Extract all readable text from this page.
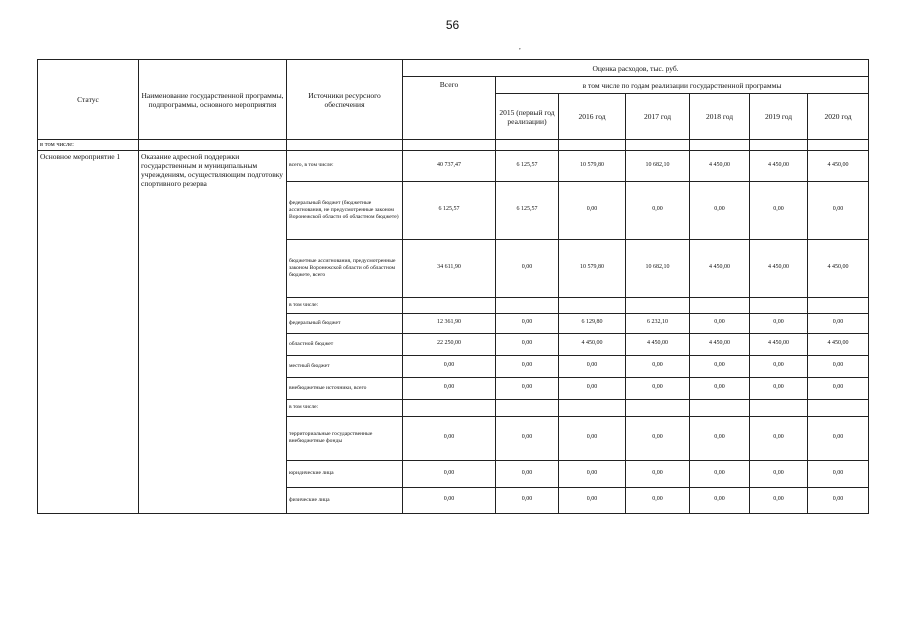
56
,
Статус	Наименование государственной программы, подпрограммы, основного мероприятия	Источники ресурсного обеспечения	Оценка расходов, тыс. руб.						
			Всего	в том числе по годам реализации государственной программы					
				2015 (первый год реализации)	2016 год	2017 год	2018 год	2019 год	2020 год
в том числе:									
Основное мероприятие 1	Оказание адресной поддержки государственным и муниципальным учреждениям, осуществляющим подготовку спортивного резерва	всего, в том числе:	40 737,47	6 125,57	10 579,80	10 682,10	4 450,00	4 450,00	4 450,00
		федеральный бюджет (бюджетные ассигнования, не предусмотренные законом Воронежской области об областном бюджете)	6 125,57	6 125,57	0,00	0,00	0,00	0,00	0,00
		бюджетные ассигнования, предусмотренные законом Воронежской области об областном бюджете, всего	34 611,90	0,00	10 579,80	10 682,10	4 450,00	4 450,00	4 450,00
		в том числе:							
		федеральный бюджет	12 361,90	0,00	6 129,80	6 232,10	0,00	0,00	0,00
		областной бюджет	22 250,00	0,00	4 450,00	4 450,00	4 450,00	4 450,00	4 450,00
		местный бюджет	0,00	0,00	0,00	0,00	0,00	0,00	0,00
		внебюджетные источники, всего	0,00	0,00	0,00	0,00	0,00	0,00	0,00
		в том числе:							
		территориальные государственные внебюджетные фонды	0,00	0,00	0,00	0,00	0,00	0,00	0,00
		юридические лица	0,00	0,00	0,00	0,00	0,00	0,00	0,00
		физические лица	0,00	0,00	0,00	0,00	0,00	0,00	0,00
